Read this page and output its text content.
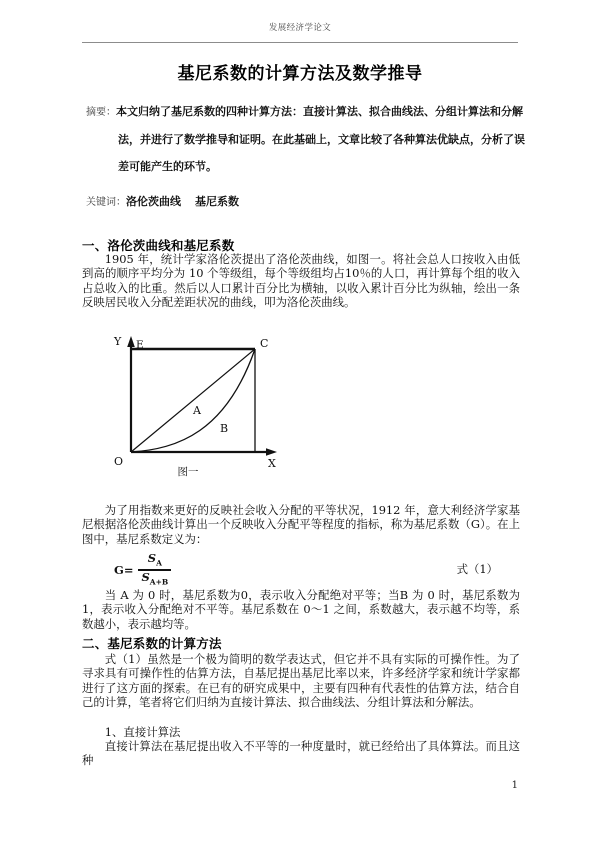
发展经济学论文
基尼系数的计算方法及数学推导
摘要：本文归纳了基尼系数的四种计算方法：直接计算法、拟合曲线法、分组计算法和分解
法，并进行了数学推导和证明。在此基础上，文章比较了各种算法优缺点，分析了误
差可能产生的环节。
关键词：洛伦茨曲线 基尼系数
一、洛伦茨曲线和基尼系数

1905 年，统计学家洛伦茨提出了洛伦茨曲线，如图一。将社会总人口按收入由低到高的顺序平均分为 10 个等级组，每个等级组均占10％的人口，再计算每个组的收入占总收入的比重。然后以人口累计百分比为横轴，以收入累计百分比为纵轴，绘出一条反映居民收入分配差距状况的曲线，叩为洛伦茨曲线。

Y E	C
O	X
A
B
图一

为了用指数来更好的反映社会收入分配的平等状况，1912 年，意大利经济学家基尼根据洛伦茨曲线计算出一个反映收入分配平等程度的指标，称为基尼系数（G）。在上图中，基尼系数定义为：

$G= \frac{S_A}{S_{A+B}}$	式（1）

当 A 为 0 时，基尼系数为0，表示收入分配绝对平等；当B 为 0 时，基尼系数为1，表示收入分配绝对不平等。基尼系数在 0～1 之间，系数越大，表示越不均等，系数越小，表示越均等。

二、基尼系数的计算方法

式（1）虽然是一个极为简明的数学表达式，但它并不具有实际的可操作性。为了寻求具有可操作性的估算方法，自基尼提出基尼比率以来，许多经济学家和统计学家都进行了这方面的探索。在已有的研究成果中，主要有四种有代表性的估算方法，结合自己的计算，笔者将它们归纳为直接计算法、拟合曲线法、分组计算法和分解法。

1、直接计算法

直接计算法在基尼提出收入不平等的一种度量时，就已经给出了具体算法。而且这种

1
